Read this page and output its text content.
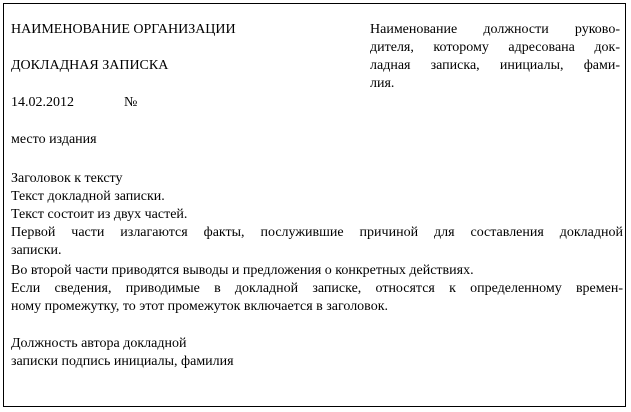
НАИМЕНОВАНИЕ ОРГАНИЗАЦИИ
ДОКЛАДНАЯ ЗАПИСКА
14.02.2012	№
место издания
Наименование должности руково-
дителя, которому адресована док-
ладная записка, инициалы, фами-
лия.
Заголовок к тексту
Текст докладной записки.
Текст состоит из двух частей.
Первой части излагаются факты, послужившие причиной для составления докладной
записки.
Во второй части приводятся выводы и предложения о конкретных действиях.
Если сведения, приводимые в докладной записке, относятся к определенному времен-
ному промежутку, то этот промежуток включается в заголовок.
Должность автора докладной
записки подпись инициалы, фамилия
